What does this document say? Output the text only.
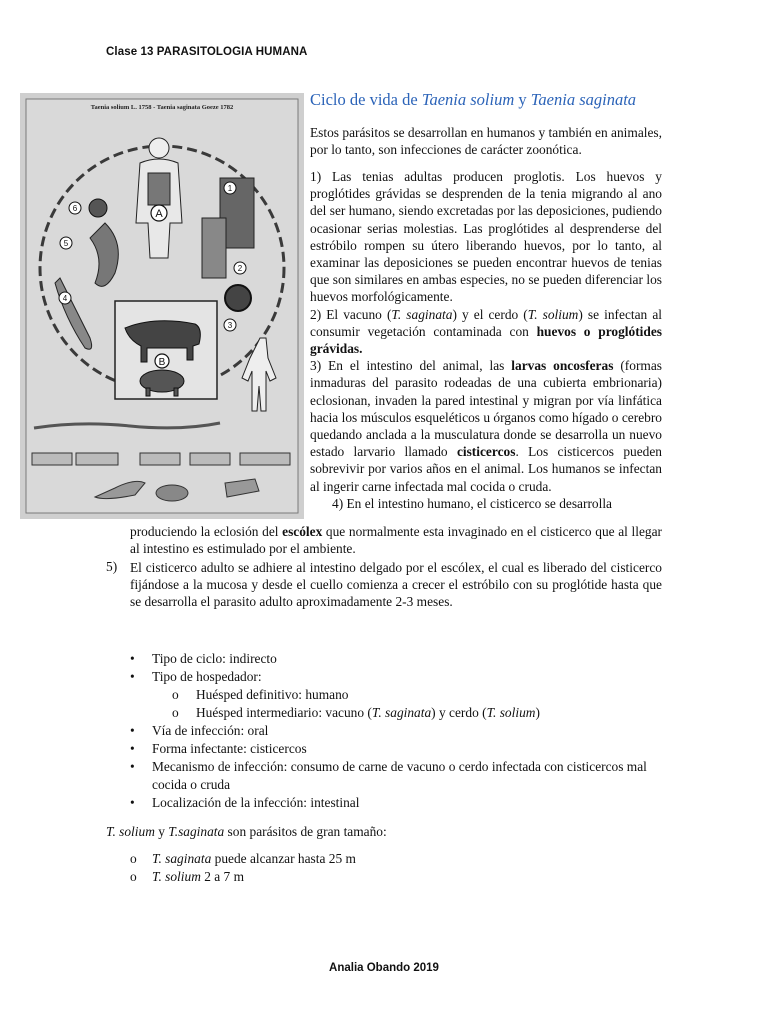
Clase 13 PARASITOLOGIA HUMANA
Taenia solium L. 1758 - Taenia saginata Goeze 1782
A
6
5
4
1
2
3
B
Ciclo de vida de Taenia solium y Taenia saginata

Estos parásitos se desarrollan en humanos y también en animales, por lo tanto, son infecciones de carácter zoonótica.

1) Las tenias adultas producen proglotis. Los huevos y proglótides grávidas se desprenden de la tenia migrando al ano del ser humano, siendo excretadas por las deposiciones, pudiendo ocasionar serias molestias. Las proglótides al desprenderse del estróbilo rompen su útero liberando huevos, por lo tanto, al examinar las deposiciones se pueden encontrar huevos de tenias que son similares en ambas especies, no se pueden diferenciar los huevos morfológicamente.
2) El vacuno (T. saginata) y el cerdo (T. solium) se infectan al consumir vegetación contaminada con huevos o proglótides grávidas.
3) En el intestino del animal, las larvas oncosferas (formas inmaduras del parasito rodeadas de una cubierta embrionaria) eclosionan, invaden la pared intestinal y migran por vía linfática hacia los músculos esqueléticos u órganos como hígado o cerebro quedando anclada a la musculatura donde se desarrolla un nuevo estado larvario llamado cisticercos. Los cisticercos pueden sobrevivir por varios años en el animal. Los humanos se infectan al ingerir carne infectada mal cocida o cruda.
4) En el intestino humano, el cisticerco se desarrolla
produciendo la eclosión del escólex que normalmente esta invaginado en el cisticerco que al llegar al intestino es estimulado por el ambiente.
5) El cisticerco adulto se adhiere al intestino delgado por el escólex, el cual es liberado del cisticerco fijándose a la mucosa y desde el cuello comienza a crecer el estróbilo con su proglótide hasta que se desarrolla el parasito adulto aproximadamente 2-3 meses.

• Tipo de ciclo: indirecto
• Tipo de hospedador:
o Huésped definitivo: humano
o Huésped intermediario: vacuno (T. saginata) y cerdo (T. solium)
• Vía de infección: oral
• Forma infectante: cisticercos
• Mecanismo de infección: consumo de carne de vacuno o cerdo infectada con cisticercos mal cocida o cruda
• Localización de la infección: intestinal
T. solium y T.saginata son parásitos de gran tamaño:
o T. saginata puede alcanzar hasta 25 m
o T. solium 2 a 7 m
Analia Obando 2019
